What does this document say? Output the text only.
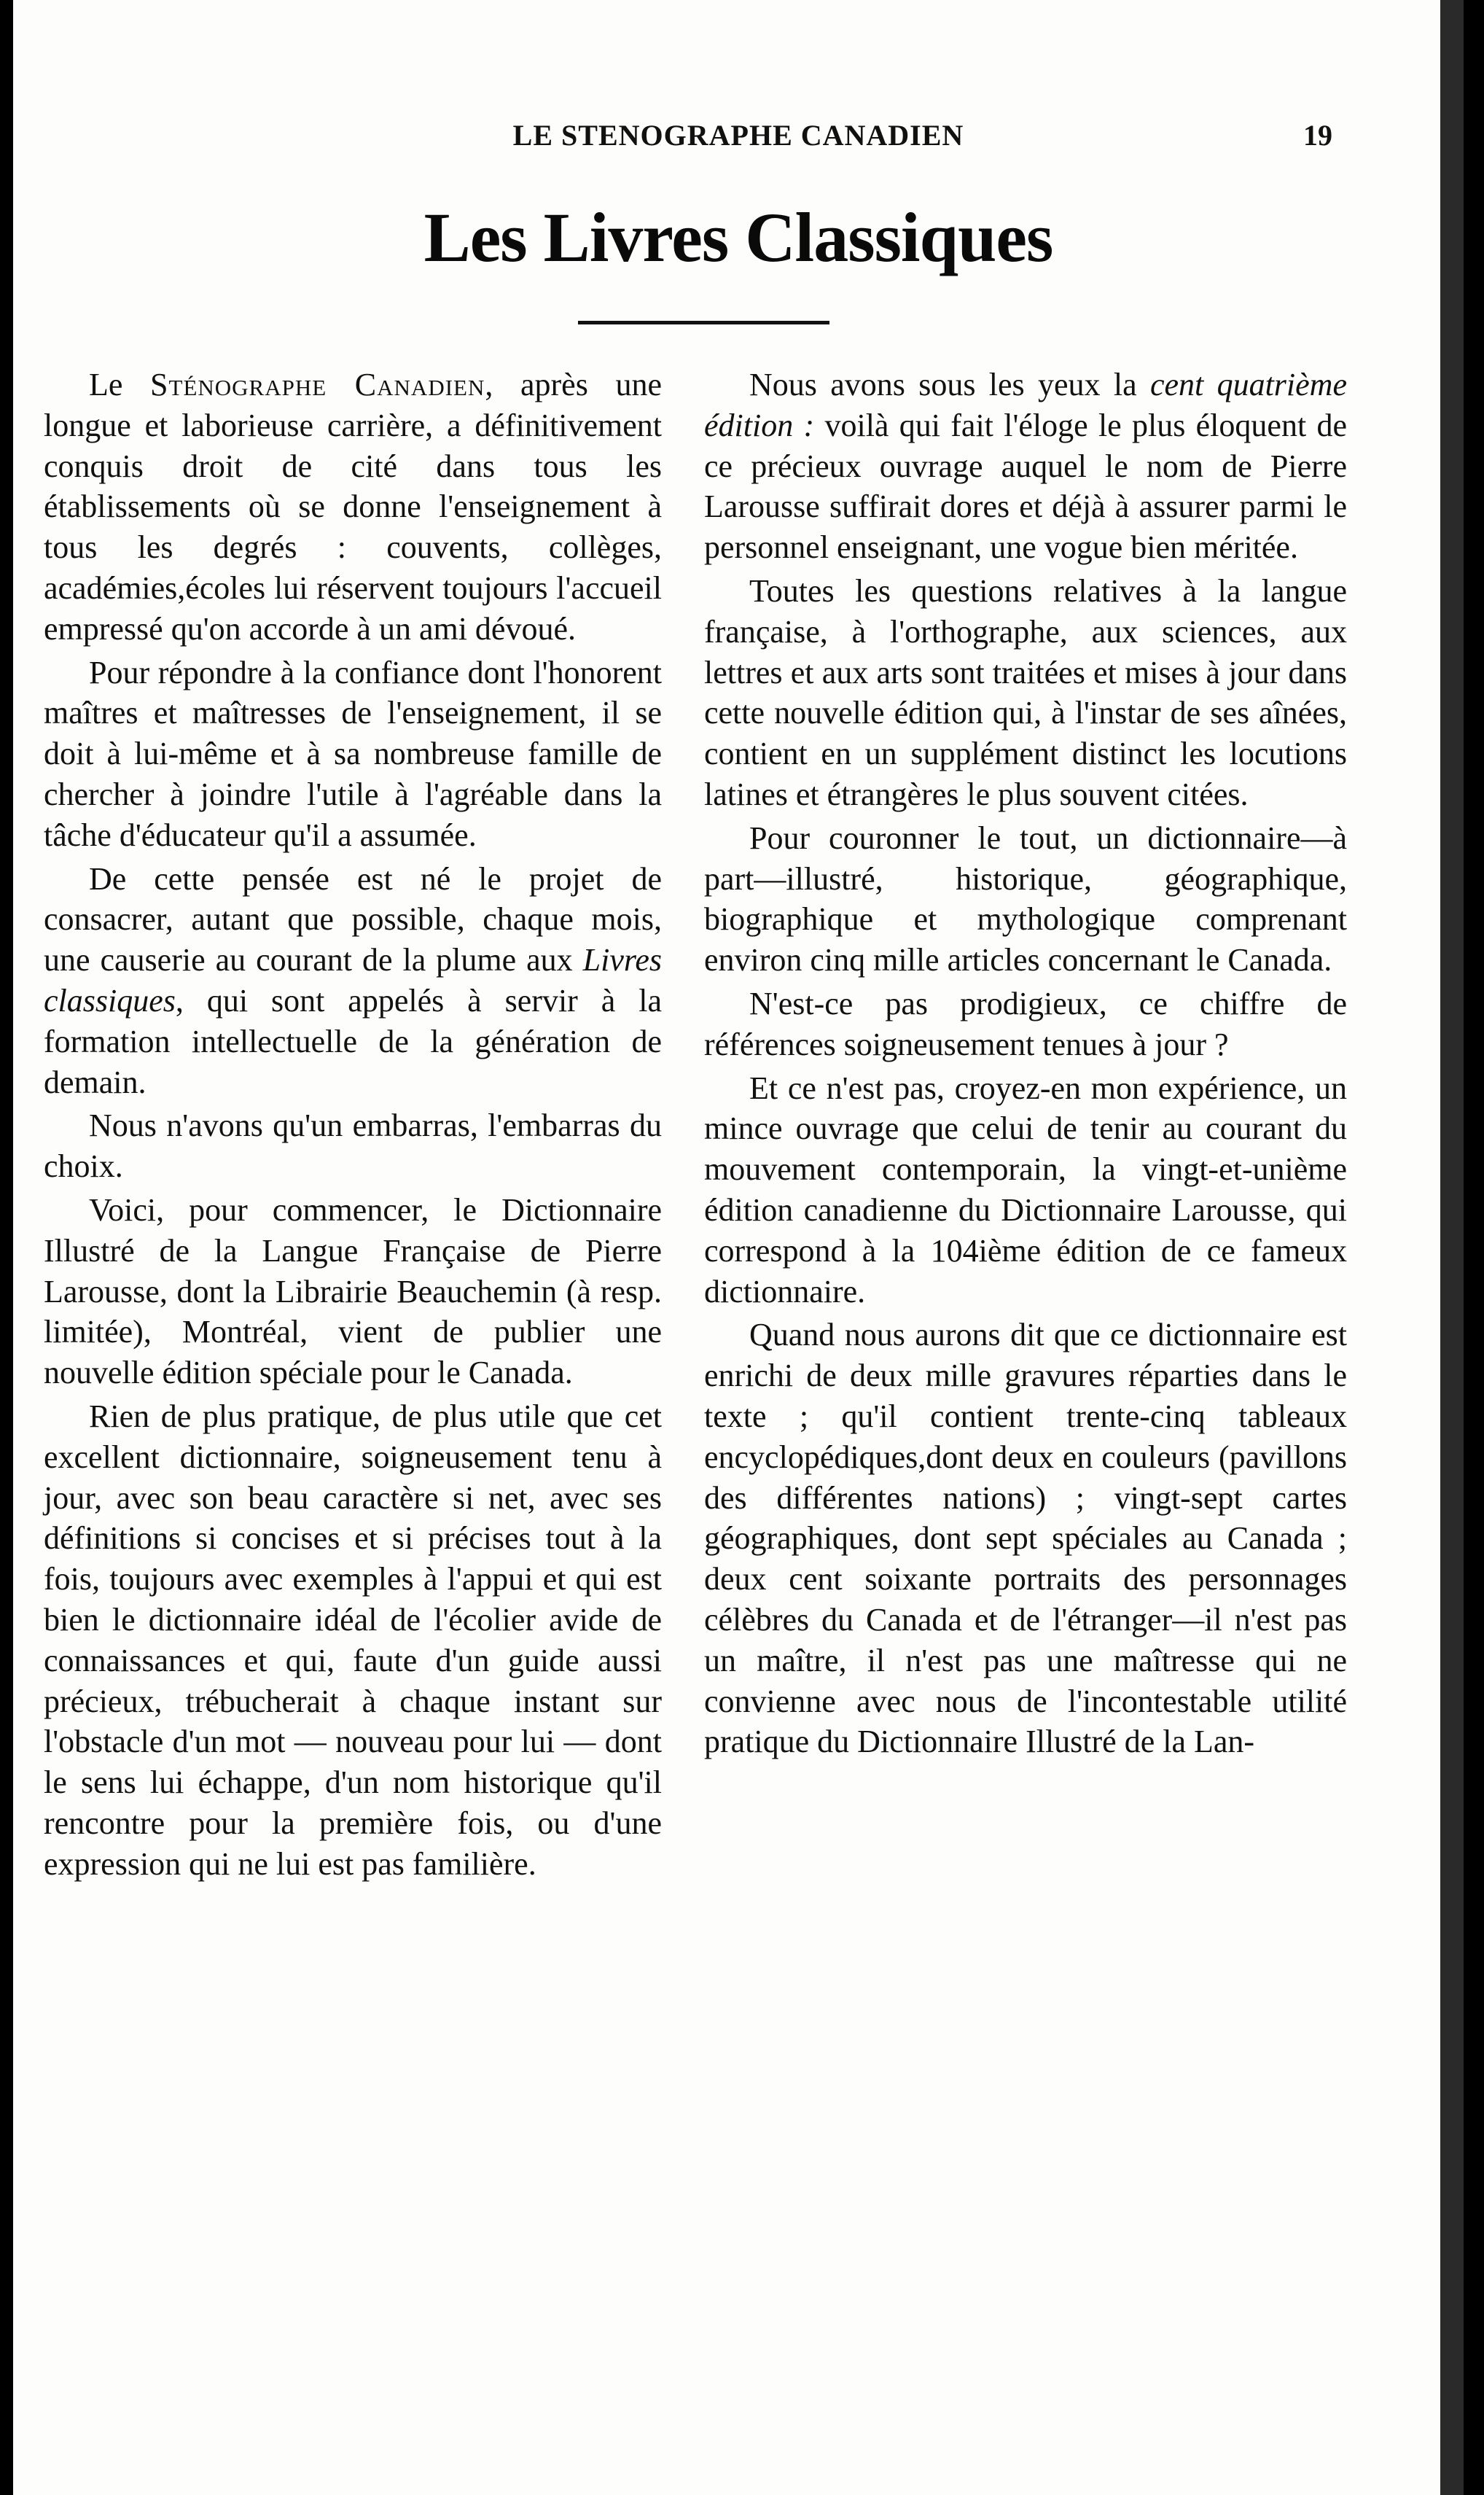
LE STENOGRAPHE CANADIEN	19
Les Livres Classiques

Le Sténographe Canadien, après une longue et laborieuse carrière, a définitivement conquis droit de cité dans tous les établissements où se donne l'enseignement à tous les degrés : couvents, collèges, académies,écoles lui réservent toujours l'accueil empressé qu'on accorde à un ami dévoué.

Pour répondre à la confiance dont l'honorent maîtres et maîtresses de l'enseignement, il se doit à lui-même et à sa nombreuse famille de chercher à joindre l'utile à l'agréable dans la tâche d'éducateur qu'il a assumée.

De cette pensée est né le projet de consacrer, autant que possible, chaque mois, une causerie au courant de la plume aux Livres classiques, qui sont appelés à servir à la formation intellectuelle de la génération de demain.

Nous n'avons qu'un embarras, l'embarras du choix.

Voici, pour commencer, le Dictionnaire Illustré de la Langue Française de Pierre Larousse, dont la Librairie Beauchemin (à resp. limitée), Montréal, vient de publier une nouvelle édition spéciale pour le Canada.

Rien de plus pratique, de plus utile que cet excellent dictionnaire, soigneusement tenu à jour, avec son beau caractère si net, avec ses définitions si concises et si précises tout à la fois, toujours avec exemples à l'appui et qui est bien le dictionnaire idéal de l'écolier avide de connaissances et qui, faute d'un guide aussi précieux, trébucherait à chaque instant sur l'obstacle d'un mot — nouveau pour lui — dont le sens lui échappe, d'un nom historique qu'il rencontre pour la première fois, ou d'une expression qui ne lui est pas familière.

Nous avons sous les yeux la cent quatrième édition : voilà qui fait l'éloge le plus éloquent de ce précieux ouvrage auquel le nom de Pierre Larousse suffirait dores et déjà à assurer parmi le personnel enseignant, une vogue bien méritée.

Toutes les questions relatives à la langue française, à l'orthographe, aux sciences, aux lettres et aux arts sont traitées et mises à jour dans cette nouvelle édition qui, à l'instar de ses aînées, contient en un supplément distinct les locutions latines et étrangères le plus souvent citées.

Pour couronner le tout, un dictionnaire—à part—illustré, historique, géographique, biographique et mythologique comprenant environ cinq mille articles concernant le Canada.

N'est-ce pas prodigieux, ce chiffre de références soigneusement tenues à jour ?

Et ce n'est pas, croyez-en mon expérience, un mince ouvrage que celui de tenir au courant du mouvement contemporain, la vingt-et-unième édition canadienne du Dictionnaire Larousse, qui correspond à la 104ième édition de ce fameux dictionnaire.

Quand nous aurons dit que ce dictionnaire est enrichi de deux mille gravures réparties dans le texte ; qu'il contient trente-cinq tableaux encyclopédiques,dont deux en couleurs (pavillons des différentes nations) ; vingt-sept cartes géographiques, dont sept spéciales au Canada ; deux cent soixante portraits des personnages célèbres du Canada et de l'étranger—il n'est pas un maître, il n'est pas une maîtresse qui ne convienne avec nous de l'incontestable utilité pratique du Dictionnaire Illustré de la Lan-
